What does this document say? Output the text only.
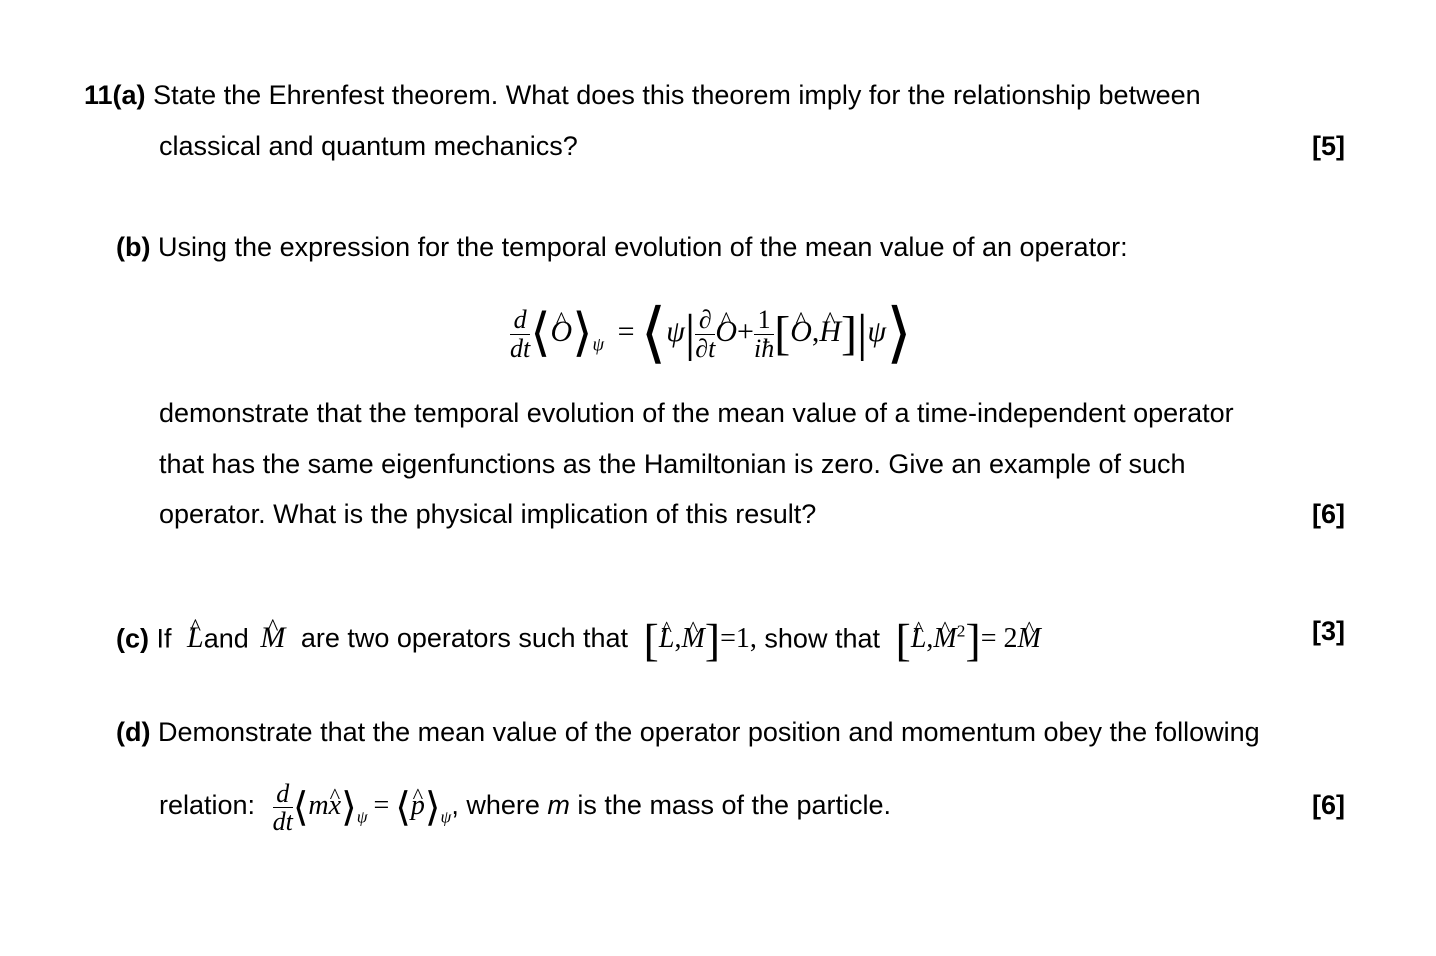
11(a) State the Ehrenfest theorem. What does this theorem imply for the relationship between
classical and quantum mechanics?	[5]
(b) Using the expression for the temporal evolution of the mean value of an operator:
$\frac{d}{dt}$ ⟨^ $O⟩_\psi$ =⟨ψ| $\frac{\partial}{\partial t}$ ^ $O+ \frac{1}{iħ}$ [^ O,^ H]|ψ⟩
demonstrate that the temporal evolution of the mean value of a time-independent operator
that has the same eigenfunctions as the Hamiltonian is zero. Give an example of such
operator. What is the physical implication of this result?	[6]
(c) If ^ Land ^ M are two operators such that [^ L,^ M]=1, show that [^ L,^ $M^2]=$ 2^ M	[3]
(d) Demonstrate that the mean value of the operator position and momentum obey the following
relation: $\frac{d}{dt}$ ⟨m^ $x⟩_\psi$ = ⟨^ $p⟩_\psi$, where m is the mass of the particle.	[6]
